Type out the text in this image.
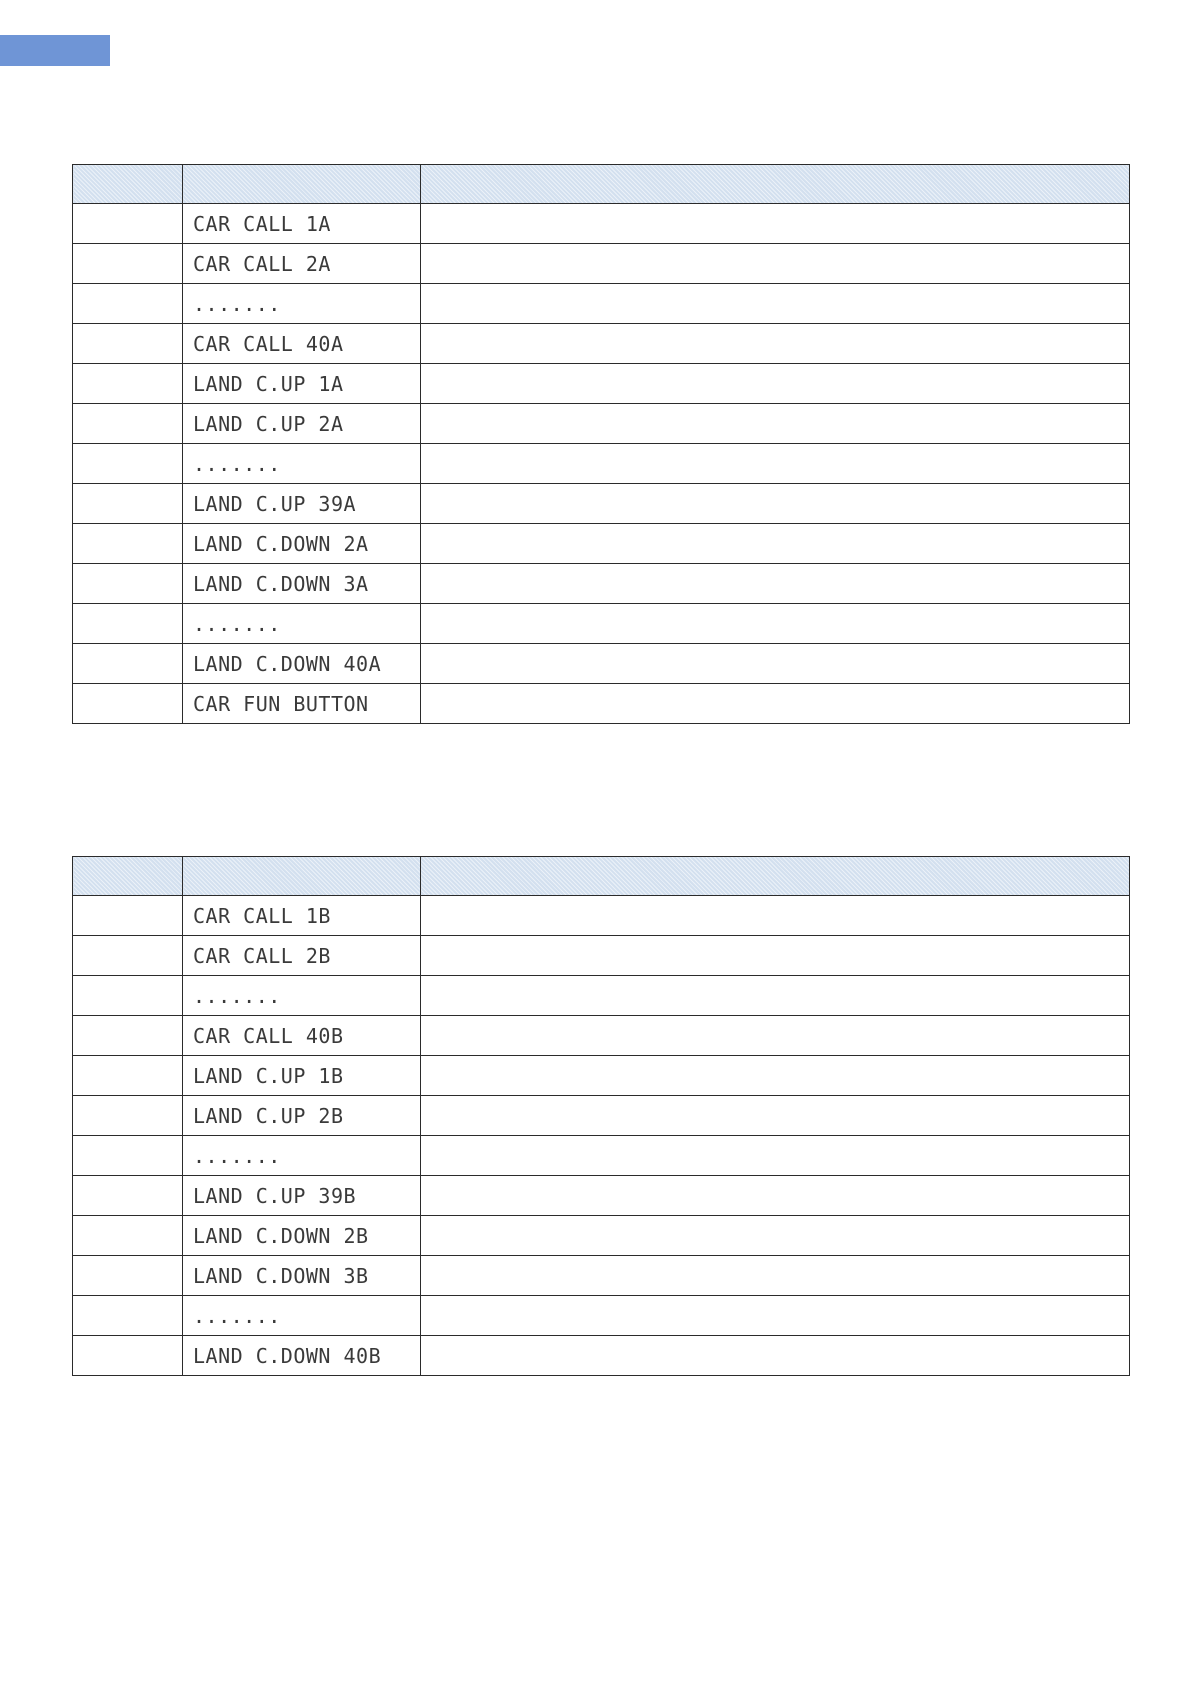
	CAR CALL 1A	
	CAR CALL 2A	
	.......	
	CAR CALL 40A	
	LAND C.UP 1A	
	LAND C.UP 2A	
	.......	
	LAND C.UP 39A	
	LAND C.DOWN 2A	
	LAND C.DOWN 3A	
	.......	
	LAND C.DOWN 40A	
	CAR FUN BUTTON	

	CAR CALL 1B	
	CAR CALL 2B	
	.......	
	CAR CALL 40B	
	LAND C.UP 1B	
	LAND C.UP 2B	
	.......	
	LAND C.UP 39B	
	LAND C.DOWN 2B	
	LAND C.DOWN 3B	
	.......	
	LAND C.DOWN 40B	
